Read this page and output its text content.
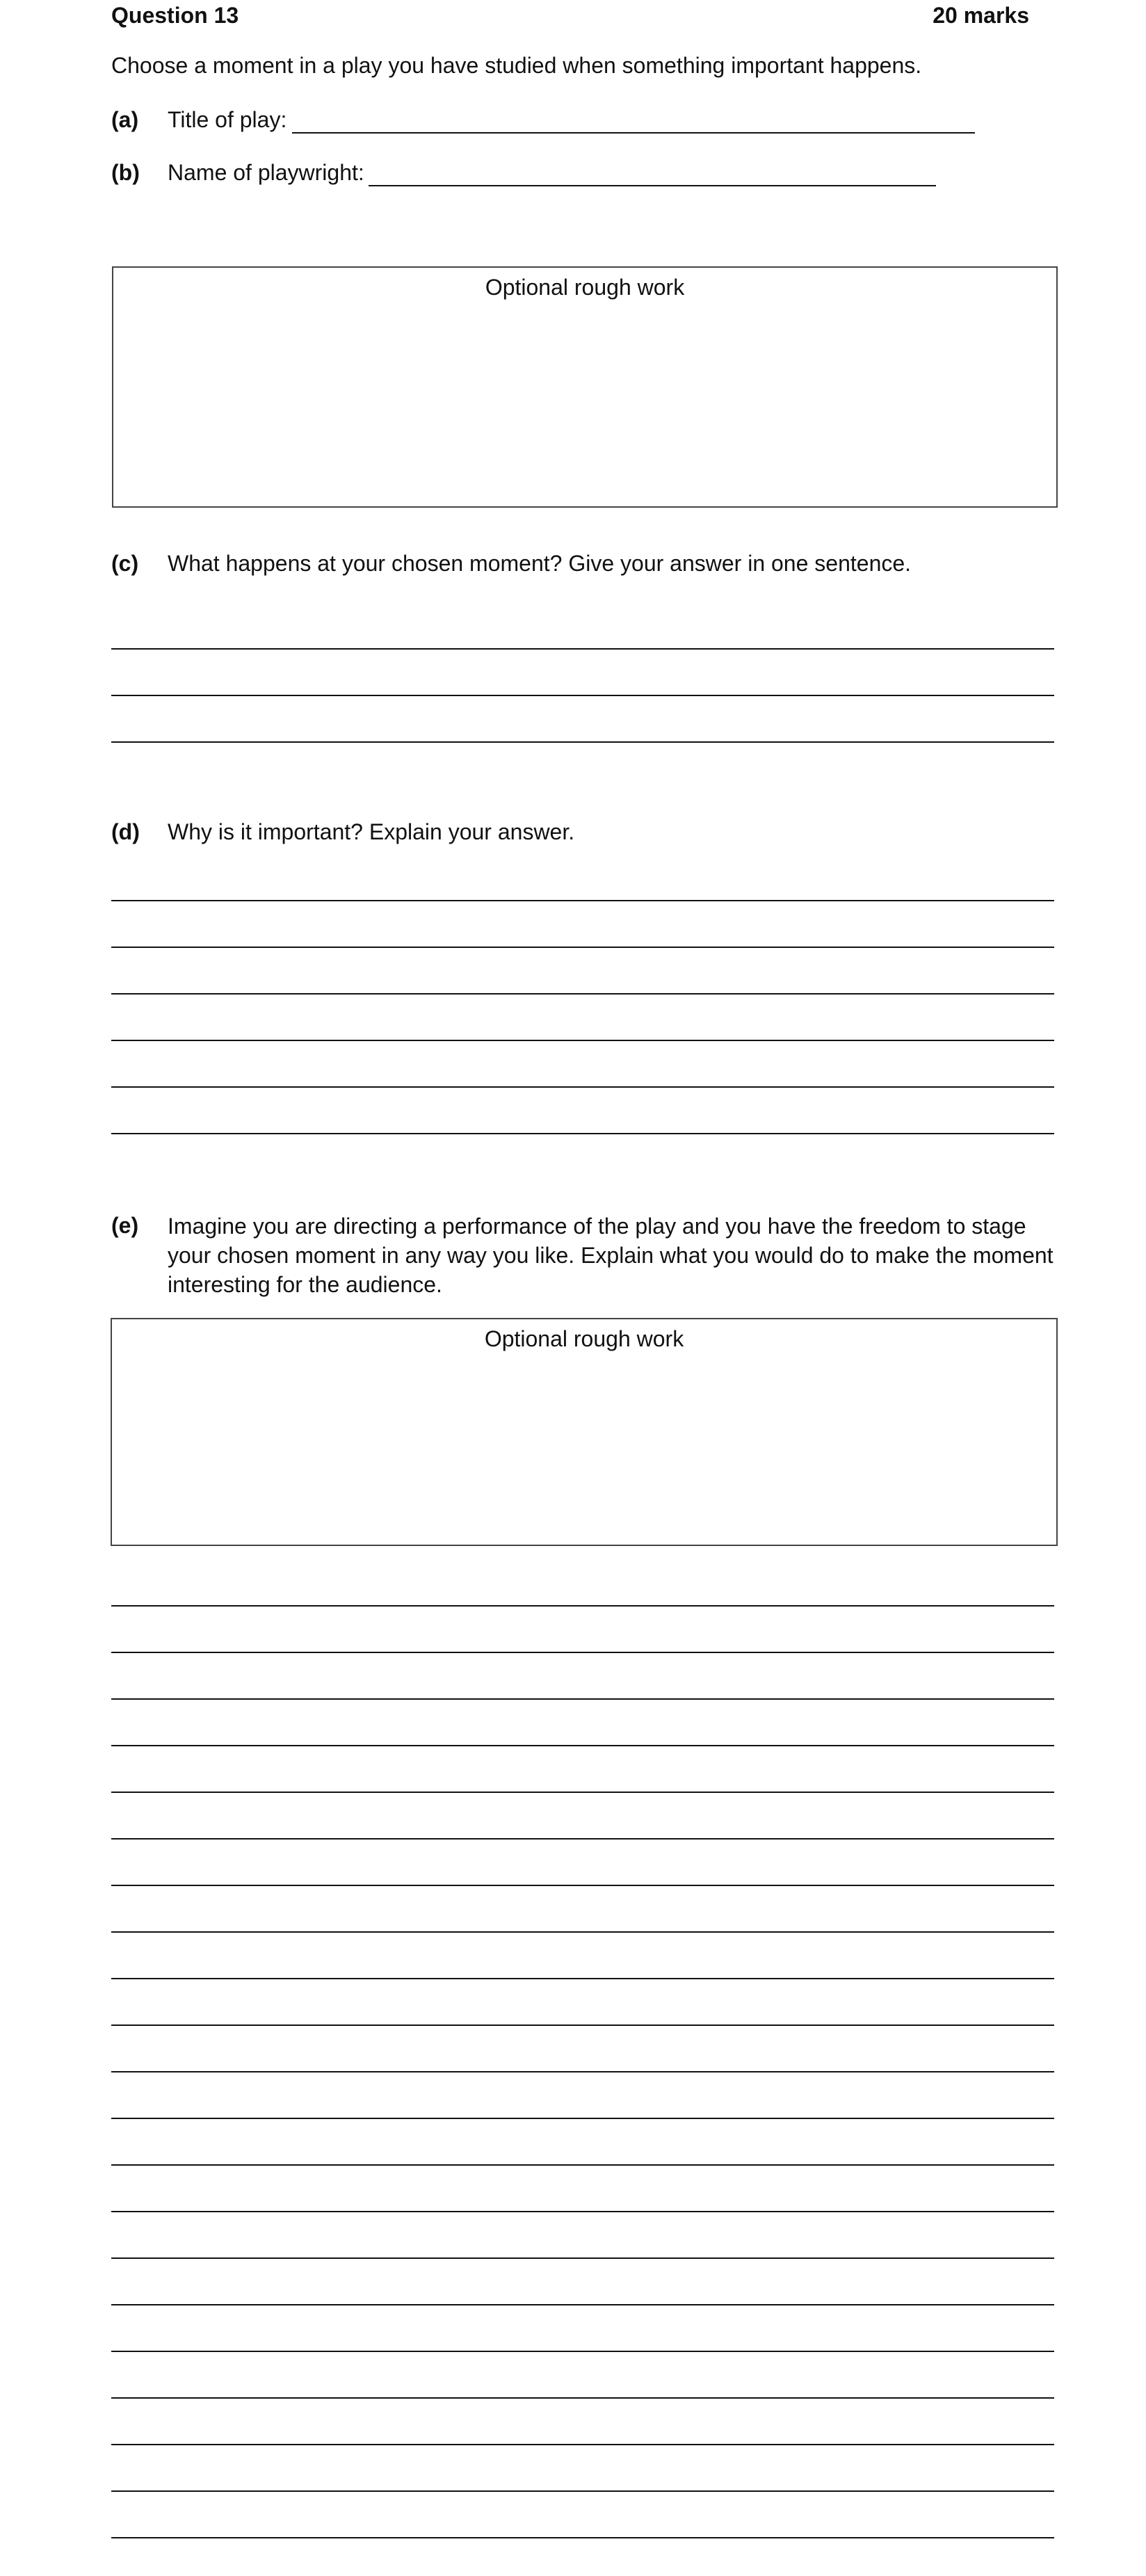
Question 13	20 marks
Choose a moment in a play you have studied when something important happens.
(a) Title of play:
(b) Name of playwright:
Optional rough work
(c) What happens at your chosen moment? Give your answer in one sentence.
(d) Why is it important? Explain your answer.
(e) Imagine you are directing a performance of the play and you have the freedom to stage your chosen moment in any way you like. Explain what you would do to make the moment interesting for the audience.
Optional rough work
